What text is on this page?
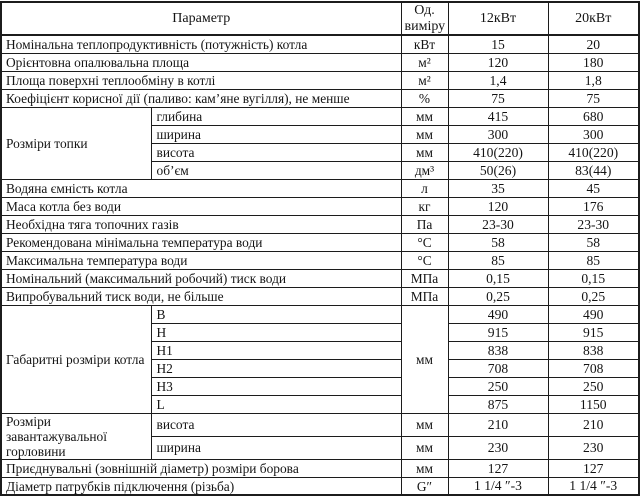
Параметр		Од. виміру	12кВт	20кВт
Номінальна теплопродуктивність (потужність) котла		кВт	15	20
Орієнтовна опалювальна площа		м²	120	180
Площа поверхні теплообміну в котлі		м²	1,4	1,8
Коефіцієнт корисної дії (паливо: кам’яне вугілля), не менше		%	75	75
Розміри топки	глибина	мм	415	680
	ширина	мм	300	300
	висота	мм	410(220)	410(220)
	об’єм	дм³	50(26)	83(44)
Водяна ємність котла		л	35	45
Маса котла без води		кг	120	176
Необхідна тяга топочних газів		Па	23-30	23-30
Рекомендована мінімальна температура води		°С	58	58
Максимальна температура води		°С	85	85
Номінальний (максимальний робочий) тиск води		МПа	0,15	0,15
Випробувальний тиск води, не більше		МПа	0,25	0,25
Габаритні розміри котла	В	мм	490	490
	Н		915	915
	Н1		838	838
	Н2		708	708
	Н3		250	250
	L		875	1150
Розміри завантажувальної горловини	висота	мм	210	210
	ширина	мм	230	230
Приєднувальні (зовнішній діаметр) розміри борова		мм	127	127
Діаметр патрубків підключення (різьба)		G″	1 1/4 ″-3	1 1/4 ″-3
